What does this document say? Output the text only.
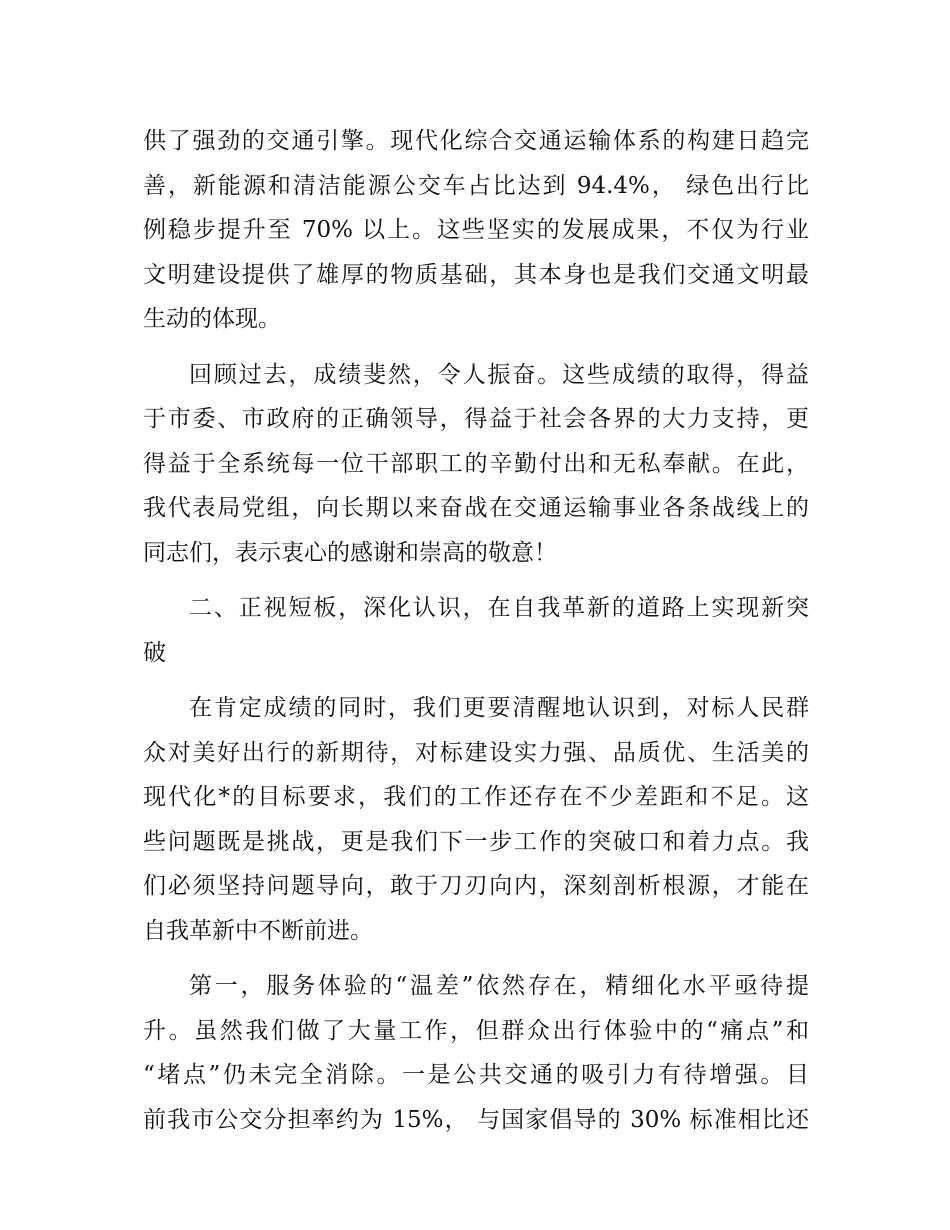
供了强劲的交通引擎。现代化综合交通运输体系的构建日趋完
善，新能源和清洁能源公交车占比达到 94.4%， 绿色出行比
例稳步提升至 70% 以上。这些坚实的发展成果，不仅为行业
文明建设提供了雄厚的物质基础，其本身也是我们交通文明最
生动的体现。
回顾过去，成绩斐然，令人振奋。这些成绩的取得，得益
于市委、市政府的正确领导，得益于社会各界的大力支持，更
得益于全系统每一位干部职工的辛勤付出和无私奉献。在此，
我代表局党组，向长期以来奋战在交通运输事业各条战线上的
同志们，表示衷心的感谢和崇高的敬意！
二、正视短板，深化认识，在自我革新的道路上实现新突
破
在肯定成绩的同时，我们更要清醒地认识到，对标人民群
众对美好出行的新期待，对标建设实力强、品质优、生活美的
现代化*的目标要求，我们的工作还存在不少差距和不足。这
些问题既是挑战，更是我们下一步工作的突破口和着力点。我
们必须坚持问题导向，敢于刀刃向内，深刻剖析根源，才能在
自我革新中不断前进。
第一，服务体验的“温差”依然存在，精细化水平亟待提
升。虽然我们做了大量工作，但群众出行体验中的“痛点”和
“堵点”仍未完全消除。一是公共交通的吸引力有待增强。目
前我市公交分担率约为 15%， 与国家倡导的 30% 标准相比还
